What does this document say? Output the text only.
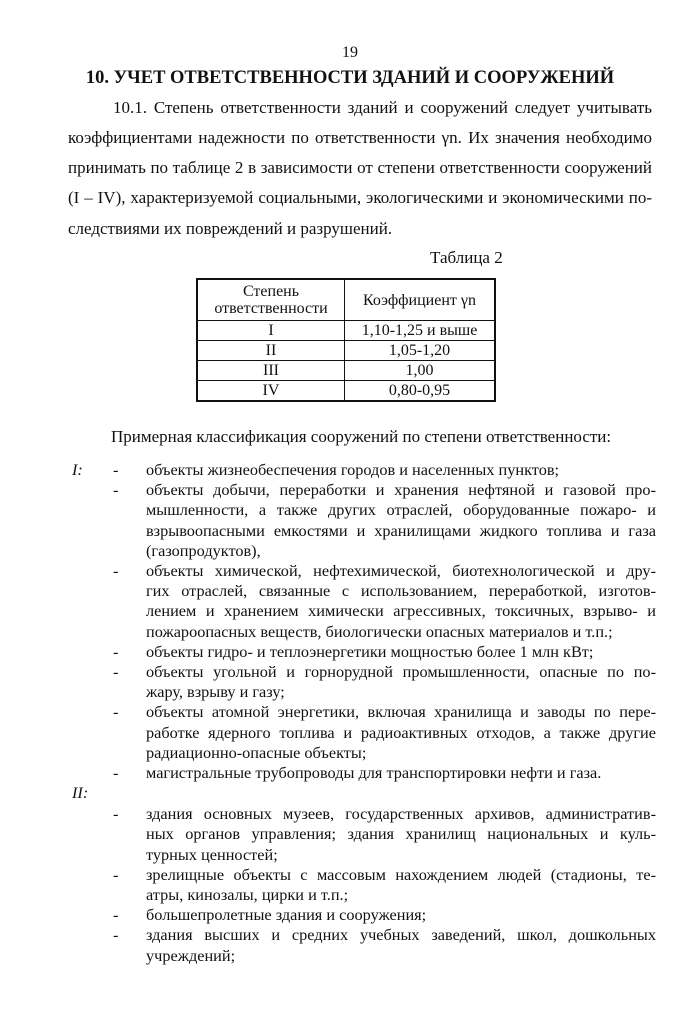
19
10. УЧЕТ ОТВЕТСТВЕННОСТИ ЗДАНИЙ И СООРУЖЕНИЙ
10.1. Степень ответственности зданий и сооружений следует учитывать
коэффициентами надежности по ответственности γn. Их значения необходимо
принимать по таблице 2 в зависимости от степени ответственности сооружений
(I – IV), характеризуемой социальными, экологическими и экономическими по-
следствиями их повреждений и разрушений.
Таблица 2
Степень ответственности	Коэффициент γn
I	1,10-1,25 и выше
II	1,05-1,20
III	1,00
IV	0,80-0,95
Примерная классификация сооружений по степени ответственности:
I: - объекты жизнеобеспечения городов и населенных пунктов;
- объекты добычи, переработки и хранения нефтяной и газовой про-
мышленности, а также других отраслей, оборудованные пожаро- и
взрывоопасными емкостями и хранилищами жидкого топлива и газа
(газопродуктов),
- объекты химической, нефтехимической, биотехнологической и дру-
гих отраслей, связанные с использованием, переработкой, изготов-
лением и хранением химически агрессивных, токсичных, взрыво- и
пожароопасных веществ, биологически опасных материалов и т.п.;
- объекты гидро- и теплоэнергетики мощностью более 1 млн кВт;
- объекты угольной и горнорудной промышленности, опасные по по-
жару, взрыву и газу;
- объекты атомной энергетики, включая хранилища и заводы по пере-
работке ядерного топлива и радиоактивных отходов, а также другие
радиационно-опасные объекты;
- магистральные трубопроводы для транспортировки нефти и газа.
II:
- здания основных музеев, государственных архивов, административ-
ных органов управления; здания хранилищ национальных и куль-
турных ценностей;
- зрелищные объекты с массовым нахождением людей (стадионы, те-
атры, кинозалы, цирки и т.п.;
- большепролетные здания и сооружения;
- здания высших и средних учебных заведений, школ, дошкольных
учреждений;
